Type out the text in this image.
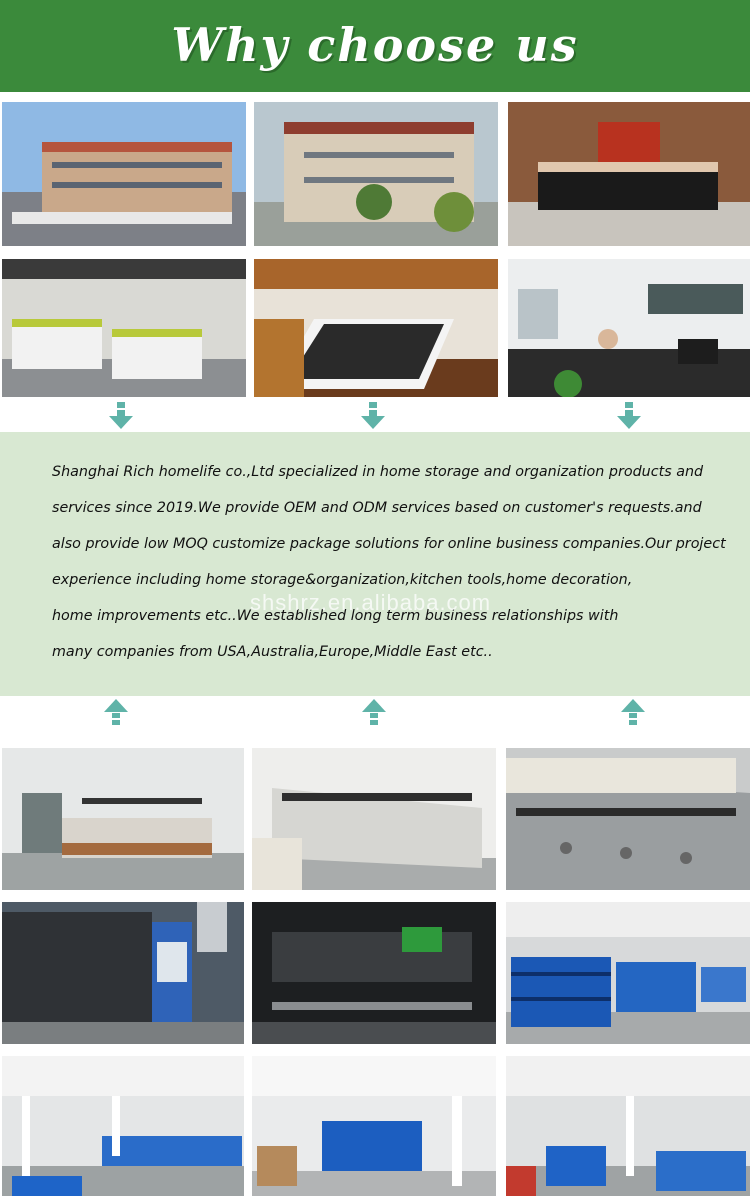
Why choose us
Shanghai Rich homelife co.,Ltd specialized in home storage and organization products and
services since 2019.We provide OEM and ODM services based on customer's requests.and
also provide low MOQ customize package solutions for online business companies.Our project
experience including home storage&organization,kitchen tools,home decoration,
home improvements etc..We established long term business relationships with
many companies from USA,Australia,Europe,Middle East etc..
shshrz.en.alibaba.com
